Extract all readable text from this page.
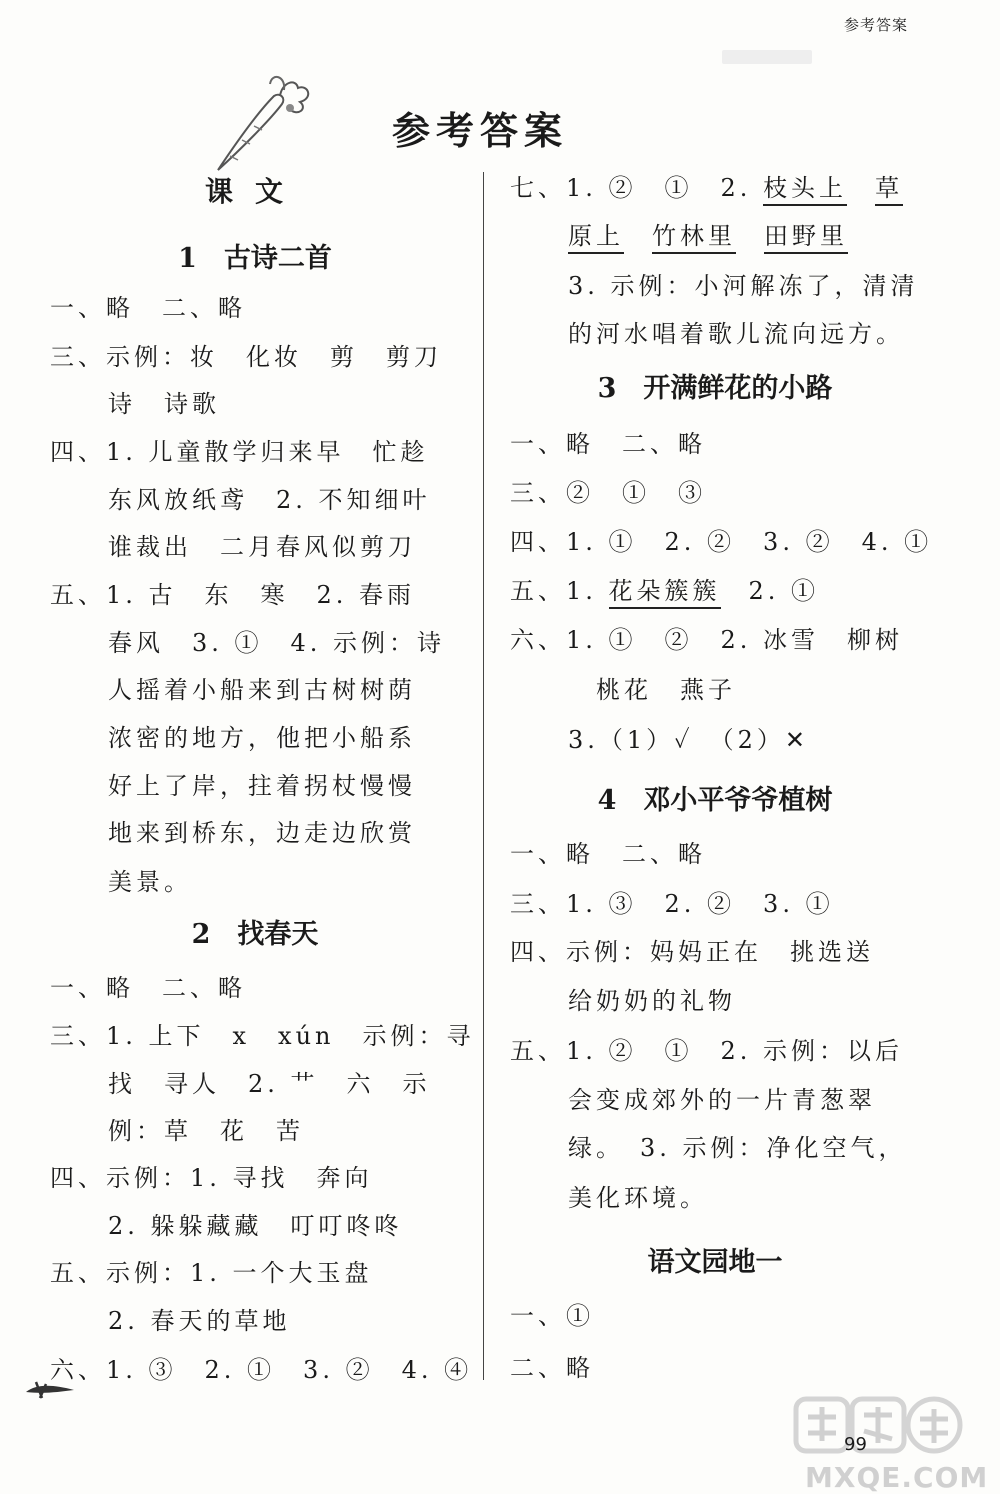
参考答案
参考答案
课文
1　古诗二首
一、略　二、略
三、示例：妆　化妆　剪　剪刀
诗　诗歌
四、1. 儿童散学归来早　忙趁
东风放纸鸢　2. 不知细叶
谁裁出　二月春风似剪刀
五、1. 古　东　寒　2. 春雨
春风　3. ①　4. 示例：诗
人摇着小船来到古树树荫
浓密的地方，他把小船系
好上了岸，拄着拐杖慢慢
地来到桥东，边走边欣赏
美景。
2　找春天
一、略　二、略
三、1. 上下　x　xún　示例：寻
找　寻人　2. 艹　六　示
例：草　花　苦
四、示例：1. 寻找　奔向
2. 躲躲藏藏　叮叮咚咚
五、示例：1. 一个大玉盘
2. 春天的草地
六、1. ③　2. ①　3. ②　4. ④
七、1. ②　①　2. 枝头上　 草
原上　 竹林里　 田野里
3. 示例：小河解冻了，清清
的河水唱着歌儿流向远方。
3　开满鲜花的小路
一、略　二、略
三、②　①　③
四、1. ①　2. ②　3. ②　4. ①
五、1. 花朵簇簇　2. ①
六、1. ①　②　2. 冰雪　柳树
桃花　燕子
3.（1）✓　（2）✕
4　邓小平爷爷植树
一、略　二、略
三、1. ③　2. ②　3. ①
四、示例：妈妈正在　挑选送
给奶奶的礼物
五、1. ②　①　2. 示例：以后
会变成郊外的一片青葱翠
绿。　3. 示例：净化空气，
美化环境。
语文园地一
一、①
二、略
99
MXQE.COM
